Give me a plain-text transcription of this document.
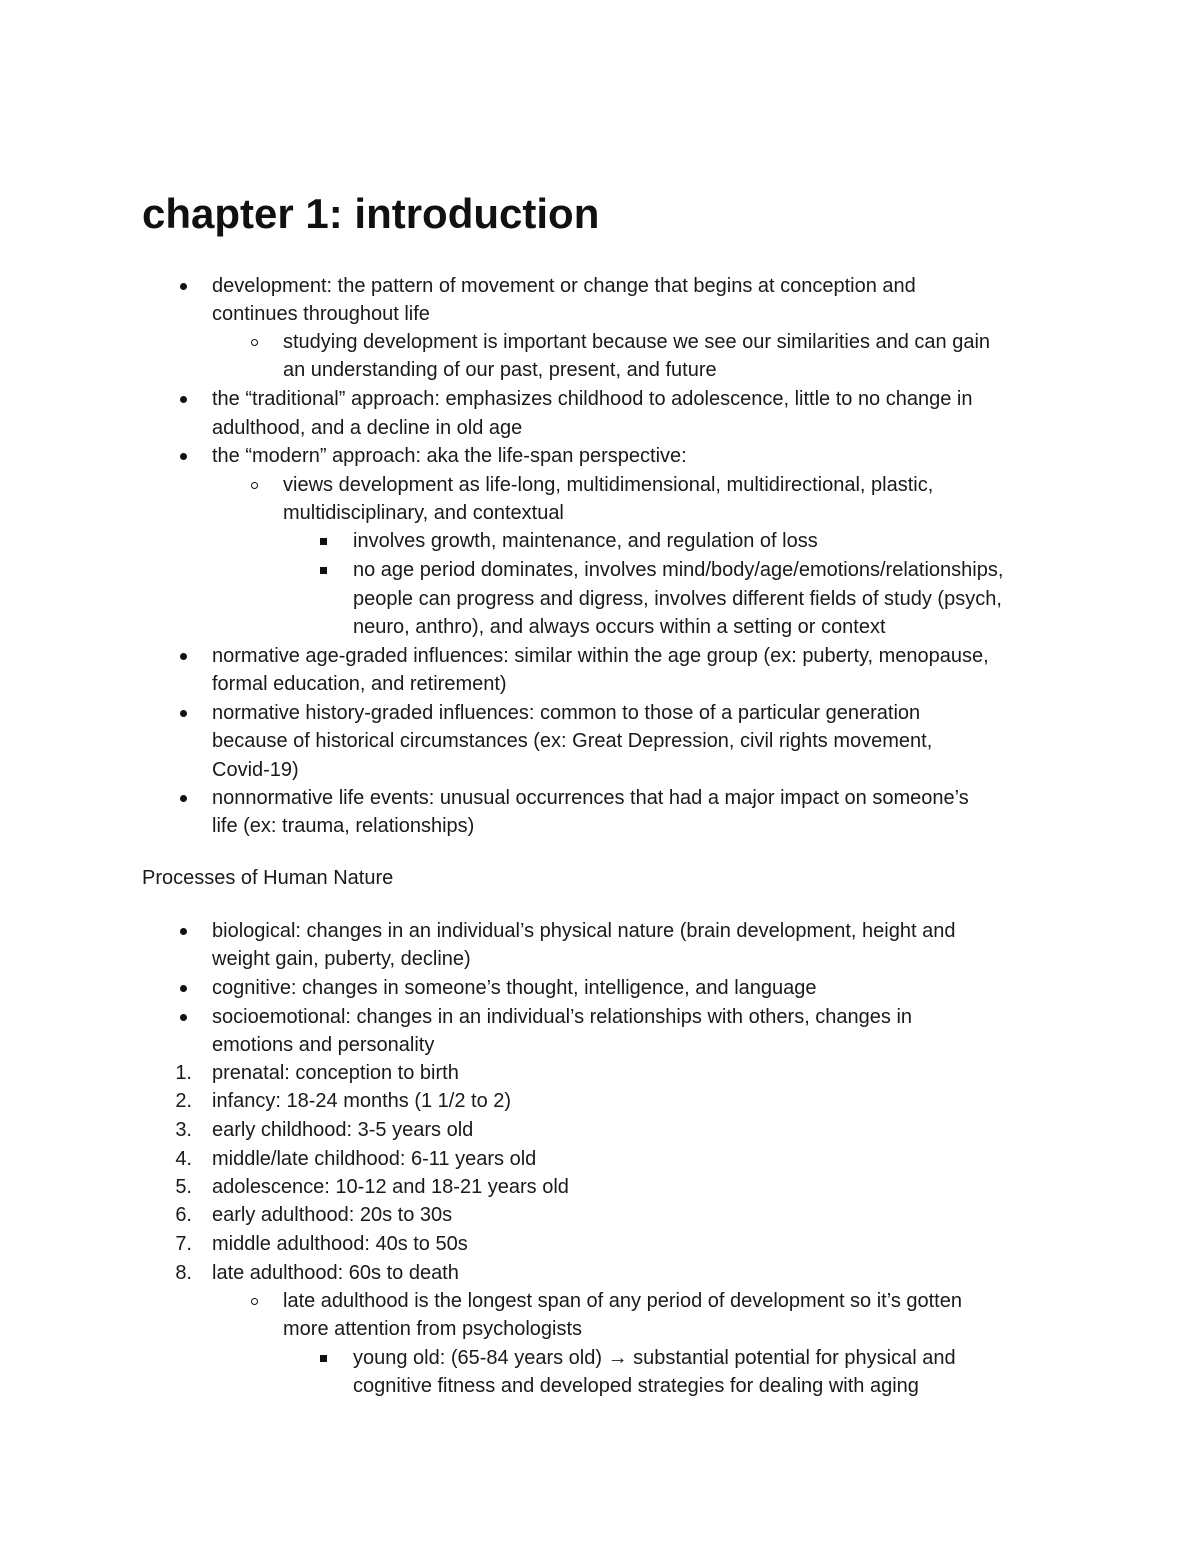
chapter 1: introduction
development: the pattern of movement or change that begins at conception and
continues throughout life
studying development is important because we see our similarities and can gain
an understanding of our past, present, and future
the “traditional” approach: emphasizes childhood to adolescence, little to no change in
adulthood, and a decline in old age
the “modern” approach: aka the life-span perspective:
views development as life-long, multidimensional, multidirectional, plastic,
multidisciplinary, and contextual
involves growth, maintenance, and regulation of loss
no age period dominates, involves mind/body/age/emotions/relationships,
people can progress and digress, involves different fields of study (psych,
neuro, anthro), and always occurs within a setting or context
normative age-graded influences: similar within the age group (ex: puberty, menopause,
formal education, and retirement)
normative history-graded influences: common to those of a particular generation
because of historical circumstances (ex: Great Depression, civil rights movement,
Covid-19)
nonnormative life events: unusual occurrences that had a major impact on someone’s
life (ex: trauma, relationships)
Processes of Human Nature
biological: changes in an individual’s physical nature (brain development, height and
weight gain, puberty, decline)
cognitive: changes in someone’s thought, intelligence, and language
socioemotional: changes in an individual’s relationships with others, changes in
emotions and personality
1. prenatal: conception to birth
2. infancy: 18-24 months (1 1/2 to 2)
3. early childhood: 3-5 years old
4. middle/late childhood: 6-11 years old
5. adolescence: 10-12 and 18-21 years old
6. early adulthood: 20s to 30s
7. middle adulthood: 40s to 50s
8. late adulthood: 60s to death
late adulthood is the longest span of any period of development so it’s gotten
more attention from psychologists
young old: (65-84 years old) → substantial potential for physical and
cognitive fitness and developed strategies for dealing with aging
